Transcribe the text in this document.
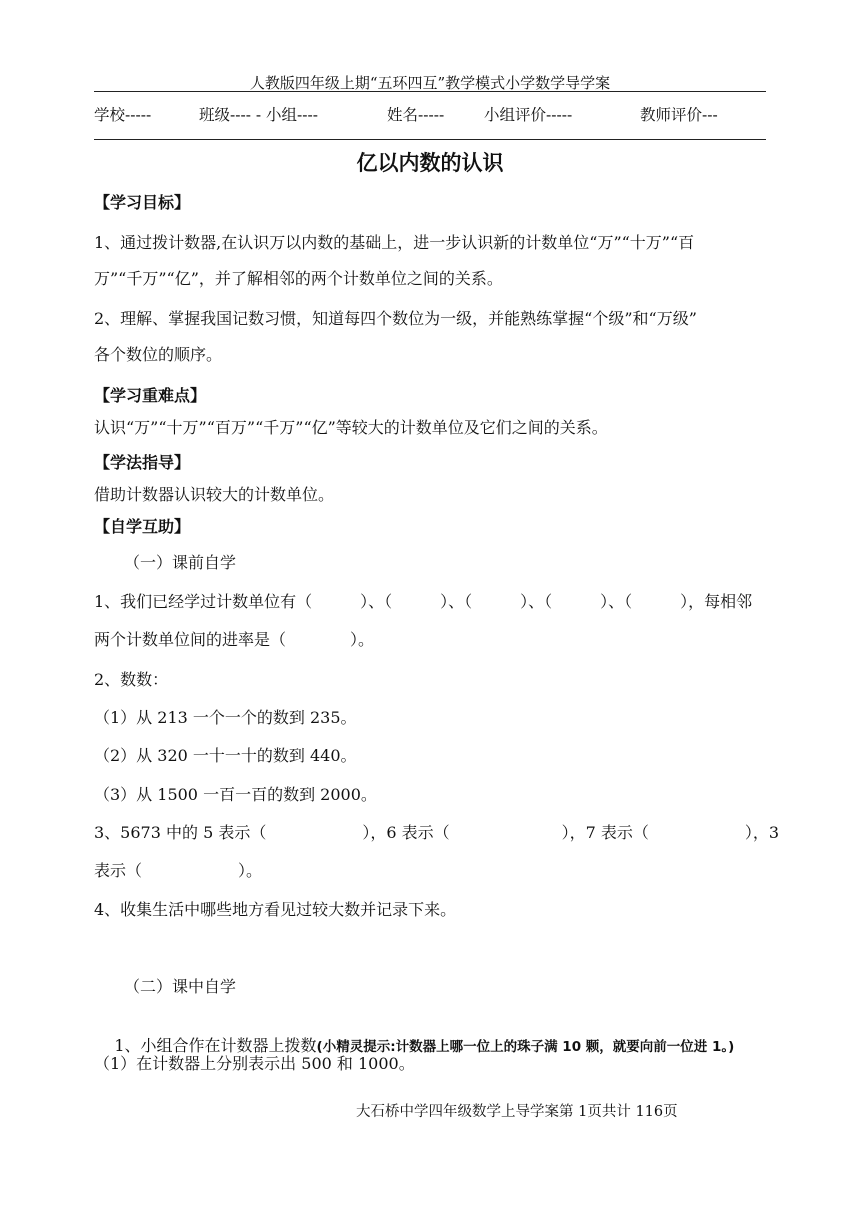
人教版四年级上期“五环四互”教学模式小学数学导学案

学校-----

	班级---- - 小组----

	姓名-----

	小组评价-----

	教师评价---

亿以内数的认识
【学习目标】
1、通过拨计数器,在认识万以内数的基础上，进一步认识新的计数单位“万”“十万”“百
万”“千万”“亿”，并了解相邻的两个计数单位之间的关系。
2、理解、掌握我国记数习惯，知道每四个数位为一级，并能熟练掌握“个级”和“万级”
各个数位的顺序。
【学习重难点】
认识“万”“十万”“百万”“千万”“亿”等较大的计数单位及它们之间的关系。
【学法指导】
借助计数器认识较大的计数单位。
【自学互助】
（一）课前自学
1、我们已经学过计数单位有（　　　）、（　　　）、（　　　）、（　　　）、（　　　），每相邻
两个计数单位间的进率是（　　　　）。
2、数数：
（1）从 213 一个一个的数到 235。
（2）从 320 一十一十的数到 440。
（3）从 1500 一百一百的数到 2000。
3、5673 中的 5 表示（　　　　　　），6 表示（　　　　　　　），7 表示（　　　　　　），3
表示（　　　　　　）。
4、收集生活中哪些地方看见过较大数并记录下来。
（二）课中自学

1、小组合作在计数器上拨数(小精灵提示:计数器上哪一位上的珠子满 10 颗，就要向前一位进 1。)

（1）在计数器上分别表示出 500 和 1000。
大石桥中学四年级数学上导学案第 1页共计 116页
